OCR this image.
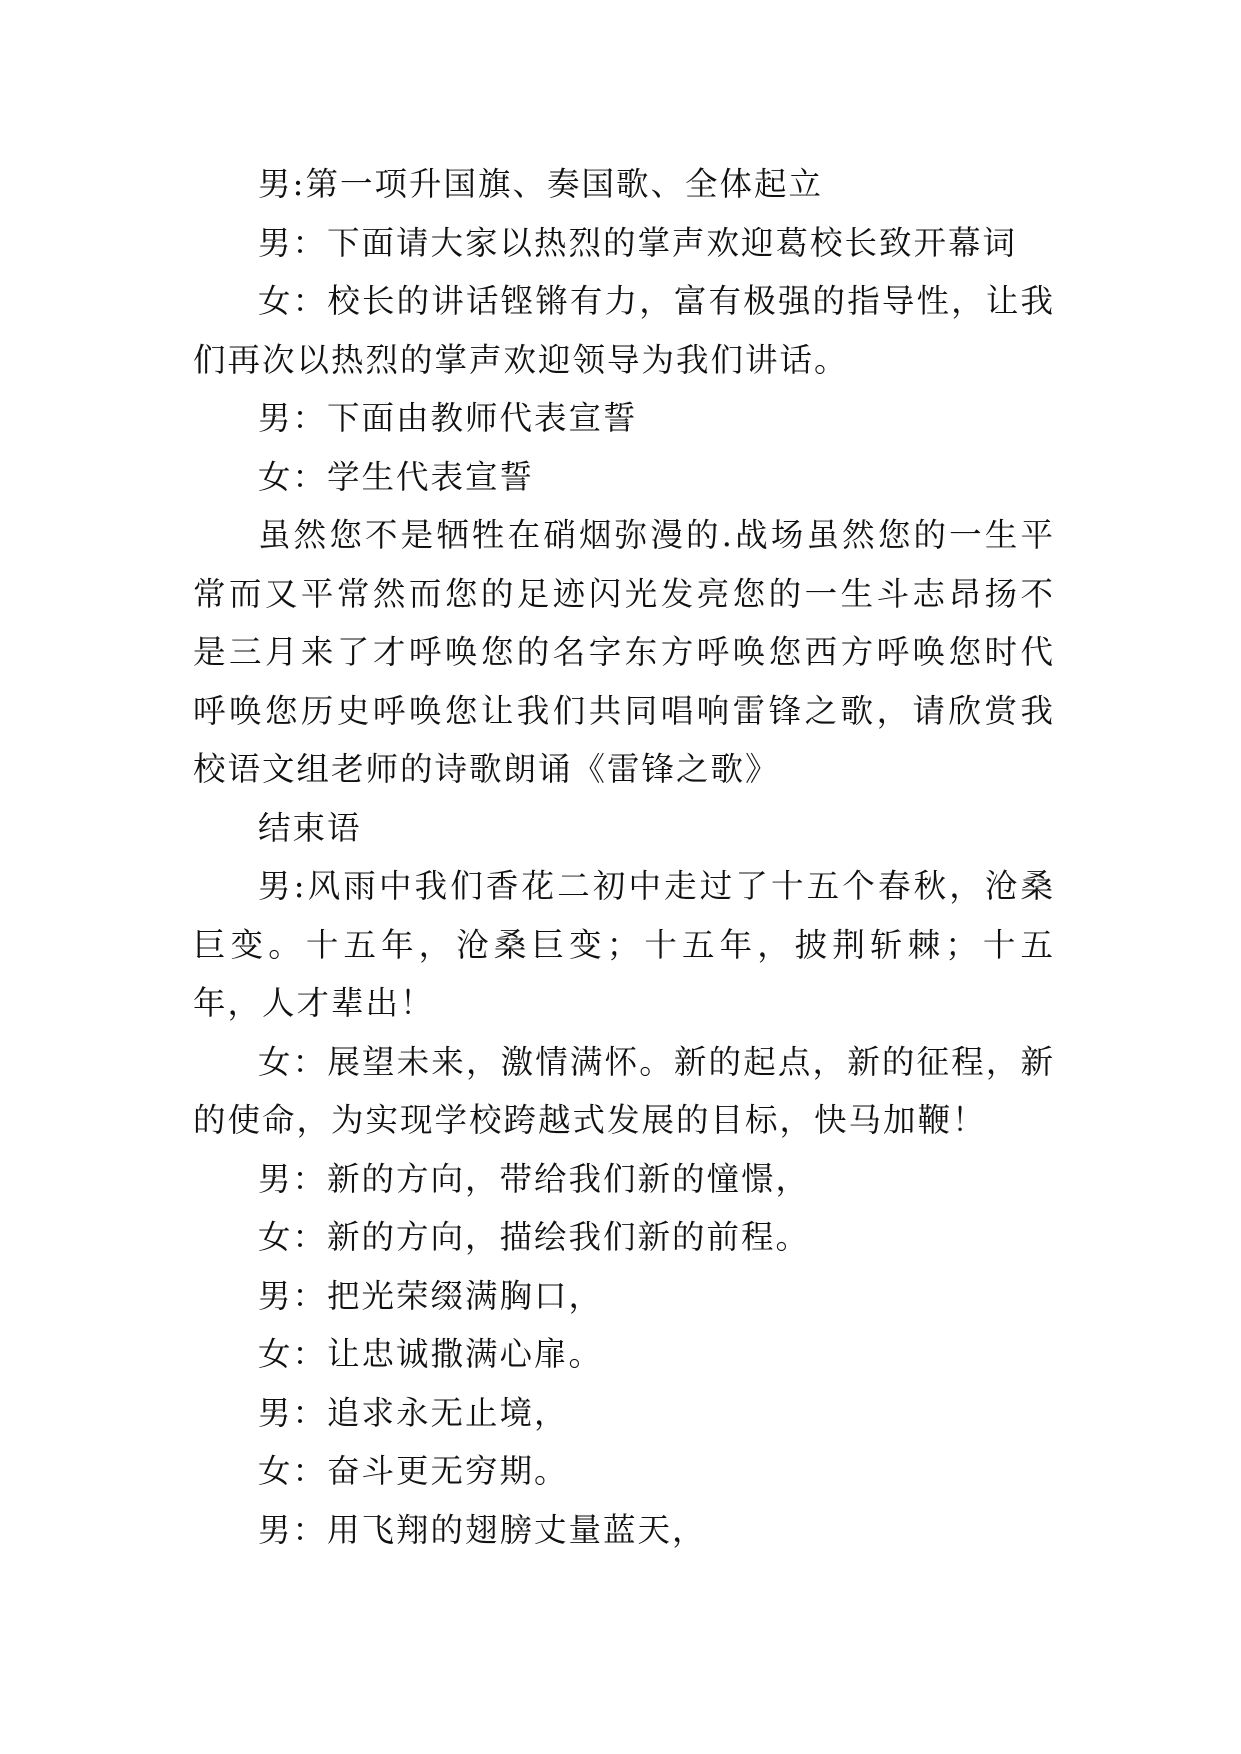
男:第一项升国旗、奏国歌、全体起立

男：下面请大家以热烈的掌声欢迎葛校长致开幕词

女：校长的讲话铿锵有力，富有极强的指导性，让我们再次以热烈的掌声欢迎领导为我们讲话。

男：下面由教师代表宣誓

女：学生代表宣誓

虽然您不是牺牲在硝烟弥漫的.战场虽然您的一生平常而又平常然而您的足迹闪光发亮您的一生斗志昂扬不是三月来了才呼唤您的名字东方呼唤您西方呼唤您时代呼唤您历史呼唤您让我们共同唱响雷锋之歌，请欣赏我校语文组老师的诗歌朗诵《雷锋之歌》

结束语

男:风雨中我们香花二初中走过了十五个春秋，沧桑巨变。十五年，沧桑巨变；十五年，披荆斩棘；十五年，人才辈出！

女：展望未来，激情满怀。新的起点，新的征程，新的使命，为实现学校跨越式发展的目标，快马加鞭！

男：新的方向，带给我们新的憧憬，

女：新的方向，描绘我们新的前程。

男：把光荣缀满胸口，

女：让忠诚撒满心扉。

男：追求永无止境，

女：奋斗更无穷期。

男：用飞翔的翅膀丈量蓝天，
